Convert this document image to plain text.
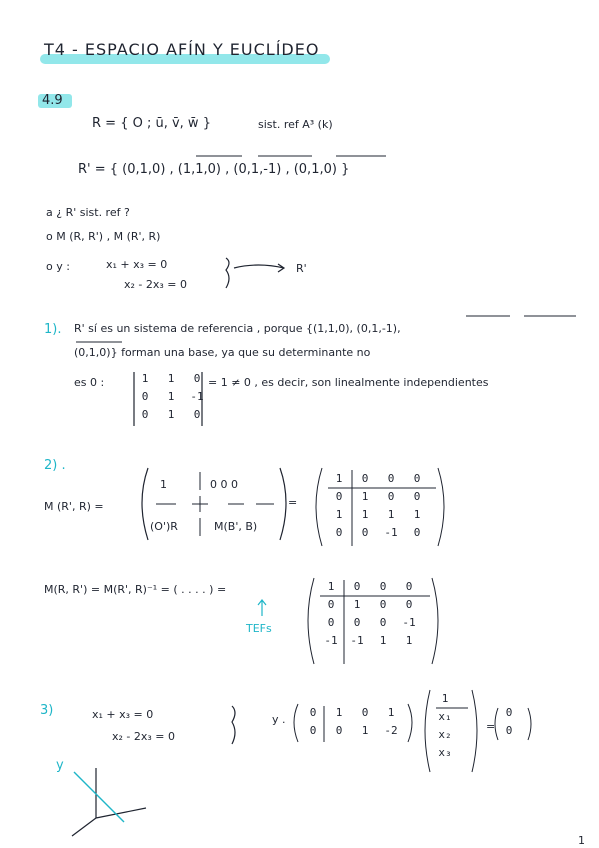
T4 - ESPACIO AFÍN Y EUCLÍDEO
4.9
R = { O ; ū, v̄, w̄ }	sist. ref A³ (k)
R' = { (0,1,0) , (1,1,0) , (0,1,-1) , (0,1,0) }
a ¿ R' sist. ref ?
o M (R, R') , M (R', R)
o y :	x₁ + x₃ = 0
x₂ - 2x₃ = 0
R'
1). R' sí es un sistema de referencia , porque {(1,1,0), (0,1,-1),
(0,1,0)} forman una base, ya que su determinante no
es 0 :	1 1 0
0 1 -1
0 1 0
= 1 ≠ 0 , es decir, son linealmente independientes
2) .
M (R', R) =
1	0 0 0
(O')R	M(B', B)
1 0 0 0
0 1 0 0
1 1 1 1
0 0 -1 0
M(R, R') = M(R', R)⁻¹ = ( . . . . ) =
TEFs
1 0 0 0
0 1 0 0
0 0 0 -1
-1 -1 1 1
3)	x₁ + x₃ = 0
x₂ - 2x₃ = 0
y .
0 1 0 1
0 0 1 -2
1
x₁
x₂
x₃
=
0
0
y
1
=
